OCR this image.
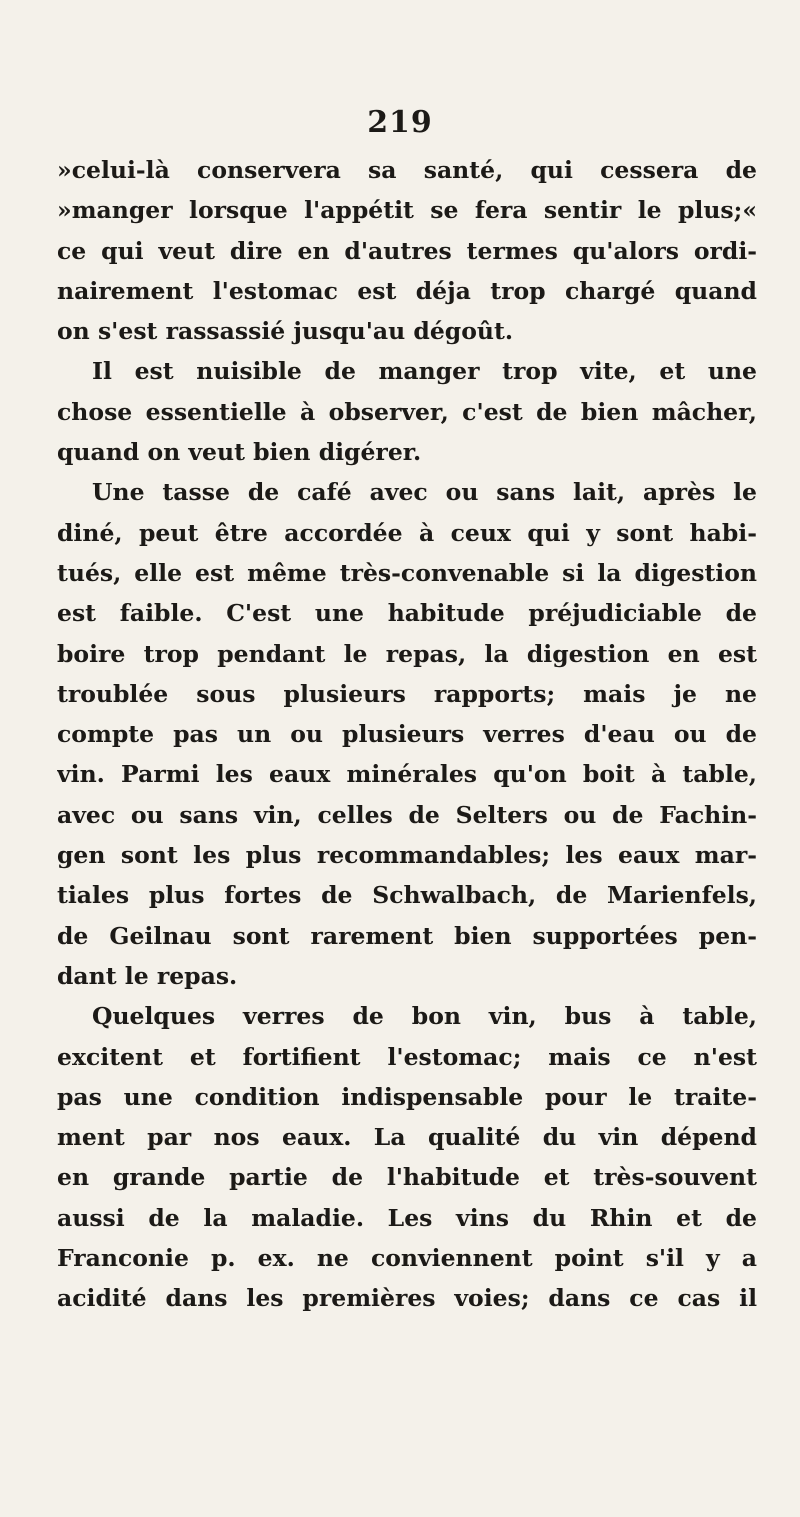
219
»celui-là conservera sa santé, qui cessera de
»manger lorsque l'appétit se fera sentir le plus;«
ce qui veut dire en d'autres termes qu'alors ordi-
nairement l'estomac est déja trop chargé quand
on s'est rassassié jusqu'au dégoût.
Il est nuisible de manger trop vite, et une
chose essentielle à observer, c'est de bien mâcher,
quand on veut bien digérer.
Une tasse de café avec ou sans lait, après le
diné, peut être accordée à ceux qui y sont habi-
tués, elle est même très-convenable si la digestion
est faible. C'est une habitude préjudiciable de
boire trop pendant le repas, la digestion en est
troublée sous plusieurs rapports; mais je ne
compte pas un ou plusieurs verres d'eau ou de
vin. Parmi les eaux minérales qu'on boit à table,
avec ou sans vin, celles de Selters ou de Fachin-
gen sont les plus recommandables; les eaux mar-
tiales plus fortes de Schwalbach, de Marienfels,
de Geilnau sont rarement bien supportées pen-
dant le repas.
Quelques verres de bon vin, bus à table,
excitent et fortifient l'estomac; mais ce n'est
pas une condition indispensable pour le traite-
ment par nos eaux. La qualité du vin dépend
en grande partie de l'habitude et très-souvent
aussi de la maladie. Les vins du Rhin et de
Franconie p. ex. ne conviennent point s'il y a
acidité dans les premières voies; dans ce cas il
